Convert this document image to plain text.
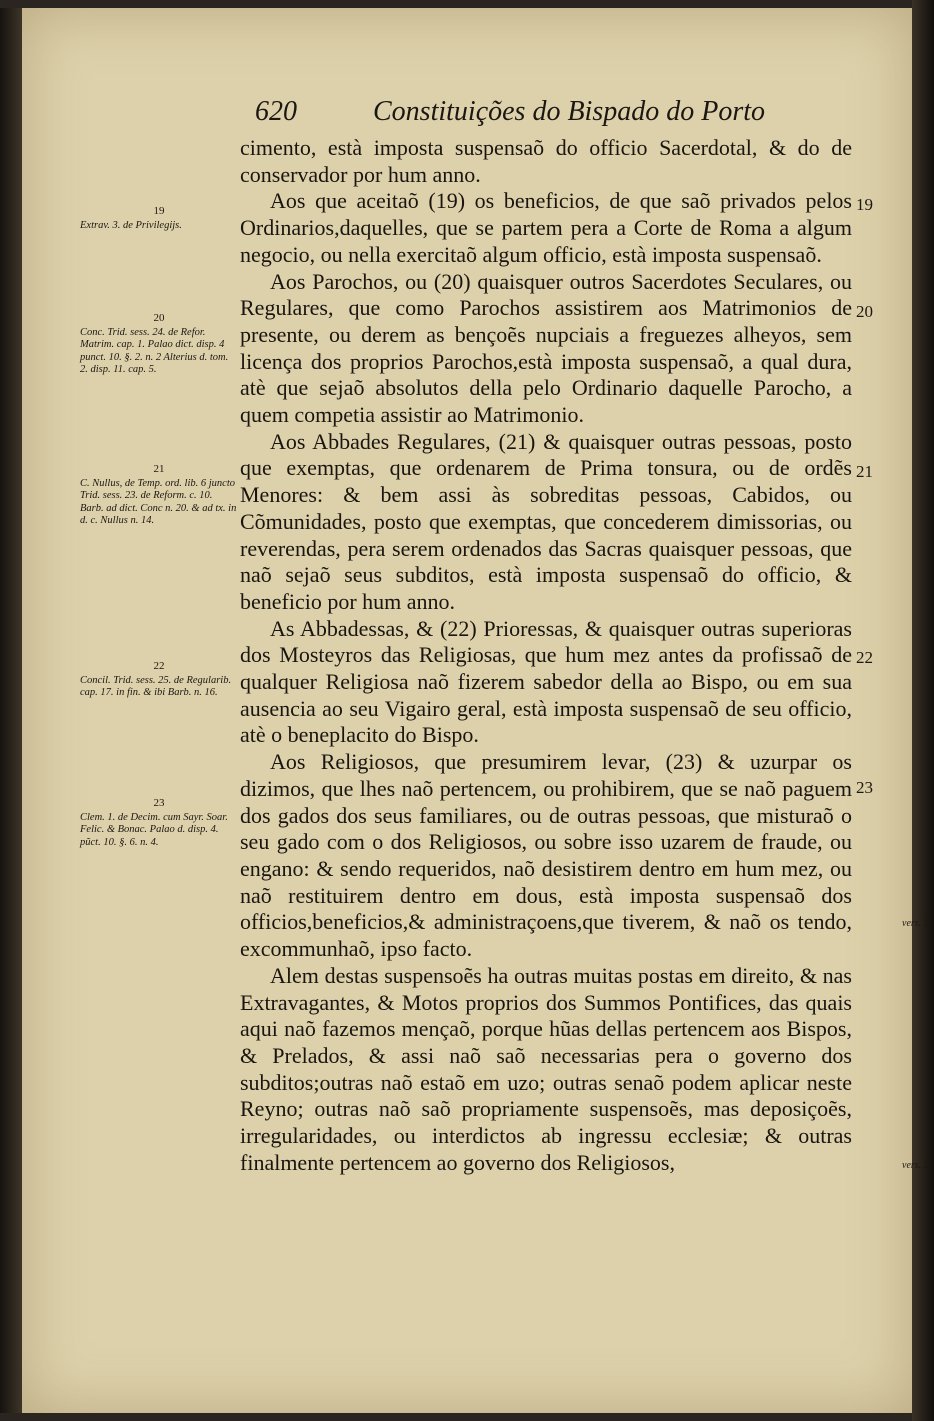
620	Constituições do Bispado do Porto

cimento, està imposta suspensaõ do officio Sacerdotal, & do de conservador por hum anno.

Aos que aceitaõ (19) os beneficios, de que saõ privados pelos Ordinarios,daquelles, que se partem pera a Corte de Roma a algum negocio, ou nella exercitaõ algum officio, està imposta suspensaõ.

Aos Parochos, ou (20) quaisquer outros Sacerdotes Seculares, ou Regulares, que como Parochos assistirem aos Matrimonios de presente, ou derem as bençoẽs nupciais a freguezes alheyos, sem licença dos proprios Parochos,està imposta suspensaõ, a qual dura, atè que sejaõ absolutos della pelo Ordinario daquelle Parocho, a quem competia assistir ao Matrimonio.

Aos Abbades Regulares, (21) & quaisquer outras pessoas, posto que exemptas, que ordenarem de Prima tonsura, ou de ordẽs Menores: & bem assi às sobreditas pessoas, Cabidos, ou Cõmunidades, posto que exemptas, que concederem dimissorias, ou reverendas, pera serem ordenados das Sacras quaisquer pessoas, que naõ sejaõ seus subditos, està imposta suspensaõ do officio, & beneficio por hum anno.

As Abbadessas, & (22) Prioressas, & quaisquer outras superioras dos Mosteyros das Religiosas, que hum mez antes da profissaõ de qualquer Religiosa naõ fizerem sabedor della ao Bispo, ou em sua ausencia ao seu Vigairo geral, està imposta suspensaõ de seu officio, atè o beneplacito do Bispo.

Aos Religiosos, que presumirem levar, (23) & uzurpar os dizimos, que lhes naõ pertencem, ou prohibirem, que se naõ paguem dos gados dos seus familiares, ou de outras pessoas, que misturaõ o seu gado com o dos Religiosos, ou sobre isso uzarem de fraude, ou engano: & sendo requeridos, naõ desistirem dentro em hum mez, ou naõ restituirem dentro em dous, està imposta suspensaõ dos officios,beneficios,& administraçoens,que tiverem, & naõ os tendo, excommunhaõ, ipso facto.

Alem destas suspensoẽs ha outras muitas postas em direito, & nas Extravagantes, & Motos proprios dos Summos Pontifices, das quais aqui naõ fazemos mençaõ, porque hũas dellas pertencem aos Bispos, & Prelados, & assi naõ saõ necessarias pera o governo dos subditos;outras naõ estaõ em uzo; outras senaõ podem aplicar neste Reyno; outras naõ saõ propriamente suspensoẽs, mas deposiçoẽs, irregularidades, ou interdictos ab ingressu ecclesiæ; & outras finalmente pertencem ao governo dos Religiosos,

19
Extrav. 3. de Privilegijs.
20
Conc. Trid. sess. 24. de Refor. Matrim. cap. 1. Palao dict. disp. 4 punct. 10. §. 2. n. 2 Alterius d. tom. 2. disp. 11. cap. 5.
21
C. Nullus, de Temp. ord. lib. 6 juncto Trid. sess. 23. de Reform. c. 10. Barb. ad dict. Conc n. 20. & ad tx. in d. c. Nullus n. 14.
22
Concil. Trid. sess. 25. de Regularib. cap. 17. in fin. & ibi Barb. n. 16.
23
Clem. 1. de Decim. cum Sayr. Soar. Felic. & Bonac. Palao d. disp. 4. pũct. 10. §. 6. n. 4.
19
20
21
22
23
vers. 1
vers. 2.
